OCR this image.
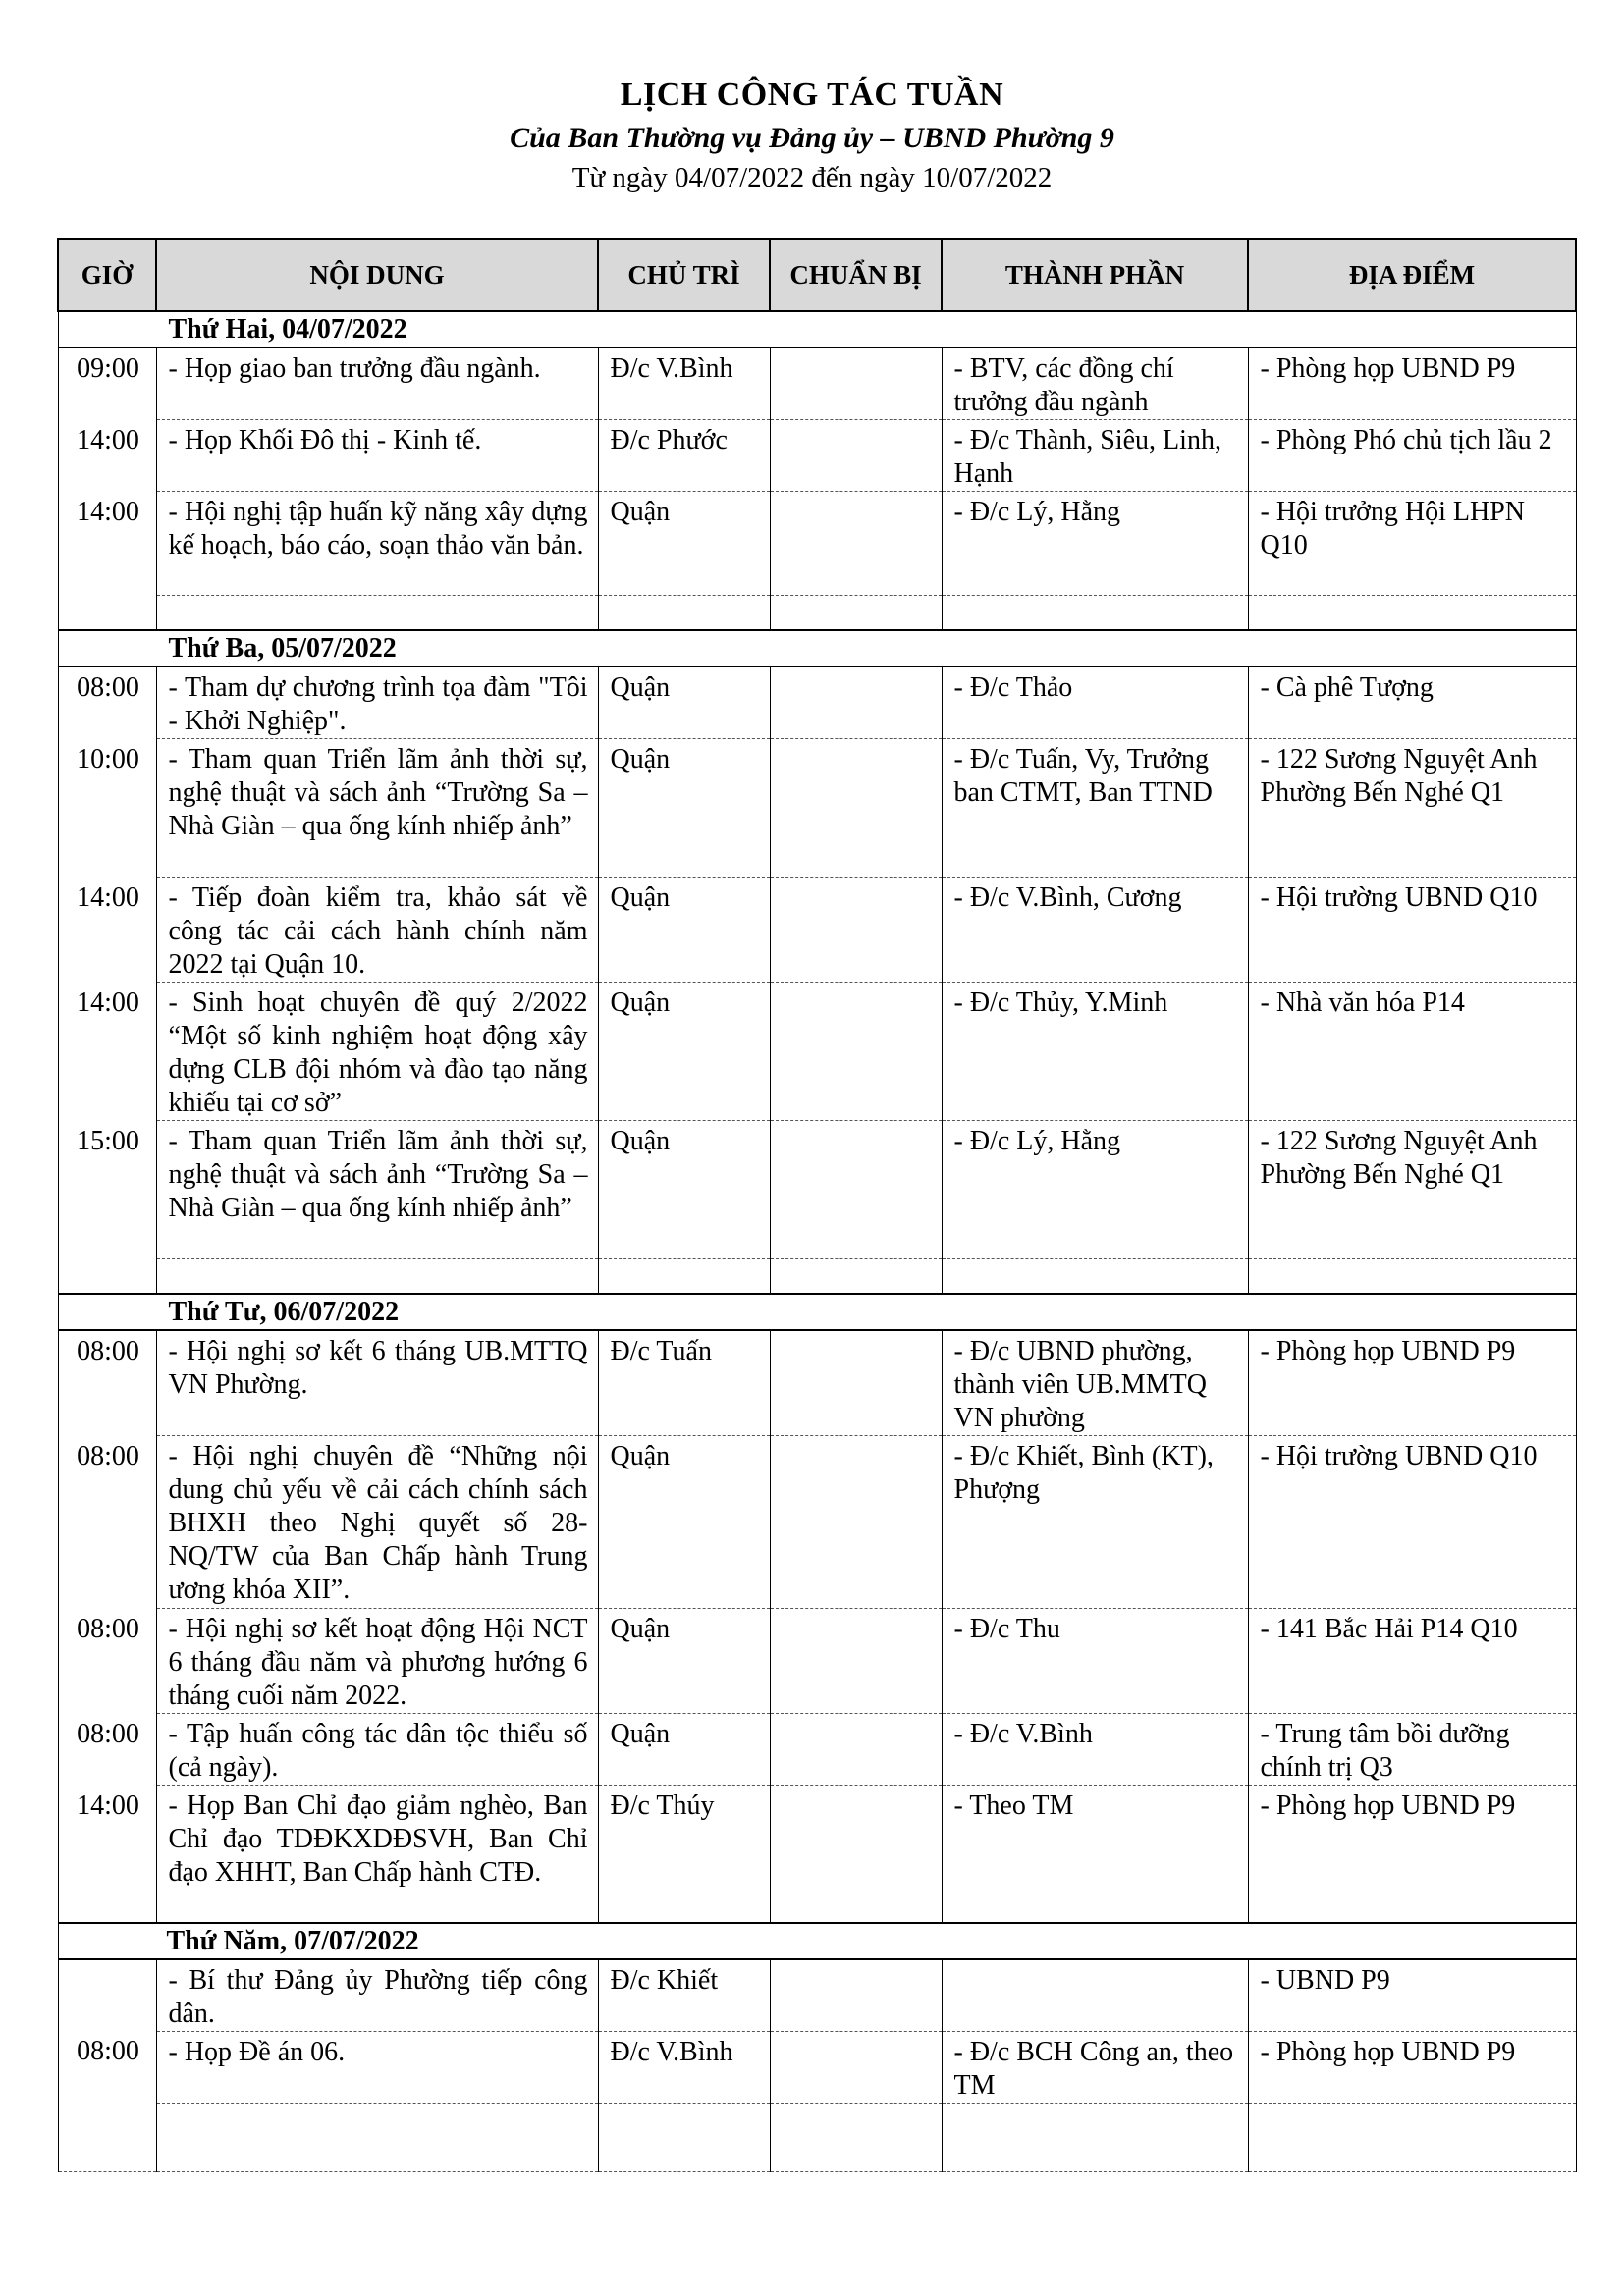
LỊCH CÔNG TÁC TUẦN
Của Ban Thường vụ Đảng ủy – UBND Phường 9
Từ ngày 04/07/2022 đến ngày 10/07/2022
GIỜ	NỘI DUNG	CHỦ TRÌ	CHUẨN BỊ	THÀNH PHẦN	ĐỊA ĐIỂM
Thứ Hai, 04/07/2022					
09:00	- Họp giao ban trưởng đầu ngành.	Đ/c V.Bình		- BTV, các đồng chí trưởng đầu ngành	- Phòng họp UBND P9
14:00	- Họp Khối Đô thị - Kinh tế.	Đ/c Phước		- Đ/c Thành, Siêu, Linh, Hạnh	- Phòng Phó chủ tịch lầu 2
14:00	- Hội nghị tập huấn kỹ năng xây dựng kế hoạch, báo cáo, soạn thảo văn bản.	Quận		- Đ/c Lý, Hằng	- Hội trưởng Hội LHPN Q10

Thứ Ba, 05/07/2022					
08:00	- Tham dự chương trình tọa đàm "Tôi - Khởi Nghiệp".	Quận		- Đ/c Thảo	- Cà phê Tượng
10:00	- Tham quan Triển lãm ảnh thời sự, nghệ thuật và sách ảnh “Trường Sa – Nhà Giàn – qua ống kính nhiếp ảnh”	Quận		- Đ/c Tuấn, Vy, Trưởng ban CTMT, Ban TTND	- 122 Sương Nguyệt Anh Phường Bến Nghé Q1
14:00	- Tiếp đoàn kiểm tra, khảo sát về công tác cải cách hành chính năm 2022 tại Quận 10.	Quận		- Đ/c V.Bình, Cương	- Hội trường UBND Q10
14:00	- Sinh hoạt chuyên đề quý 2/2022 “Một số kinh nghiệm hoạt động xây dựng CLB đội nhóm và đào tạo năng khiếu tại cơ sở”	Quận		- Đ/c Thủy, Y.Minh	- Nhà văn hóa P14
15:00	- Tham quan Triển lãm ảnh thời sự, nghệ thuật và sách ảnh “Trường Sa – Nhà Giàn – qua ống kính nhiếp ảnh”	Quận		- Đ/c Lý, Hằng	- 122 Sương Nguyệt Anh Phường Bến Nghé Q1

Thứ Tư, 06/07/2022					
08:00	- Hội nghị sơ kết 6 tháng UB.MTTQ VN Phường.	Đ/c Tuấn		- Đ/c UBND phường, thành viên UB.MMTQ VN phường	- Phòng họp UBND P9
08:00	- Hội nghị chuyên đề “Những nội dung chủ yếu về cải cách chính sách BHXH theo Nghị quyết số 28-NQ/TW của Ban Chấp hành Trung ương khóa XII”.	Quận		- Đ/c Khiết, Bình (KT), Phượng	- Hội trường UBND Q10
08:00	- Hội nghị sơ kết hoạt động Hội NCT 6 tháng đầu năm và phương hướng 6 tháng cuối năm 2022.	Quận		- Đ/c Thu	- 141 Bắc Hải P14 Q10
08:00	- Tập huấn công tác dân tộc thiểu số (cả ngày).	Quận		- Đ/c V.Bình	- Trung tâm bồi dưỡng chính trị Q3
14:00	- Họp Ban Chỉ đạo giảm nghèo, Ban Chỉ đạo TDĐKXDĐSVH, Ban Chỉ đạo XHHT, Ban Chấp hành CTĐ.	Đ/c Thúy		- Theo TM	- Phòng họp UBND P9
Thứ Năm, 07/07/2022					
	- Bí thư Đảng ủy Phường tiếp công dân.	Đ/c Khiết			- UBND P9
08:00	- Họp Đề án 06.	Đ/c V.Bình		- Đ/c BCH Công an, theo TM	- Phòng họp UBND P9
